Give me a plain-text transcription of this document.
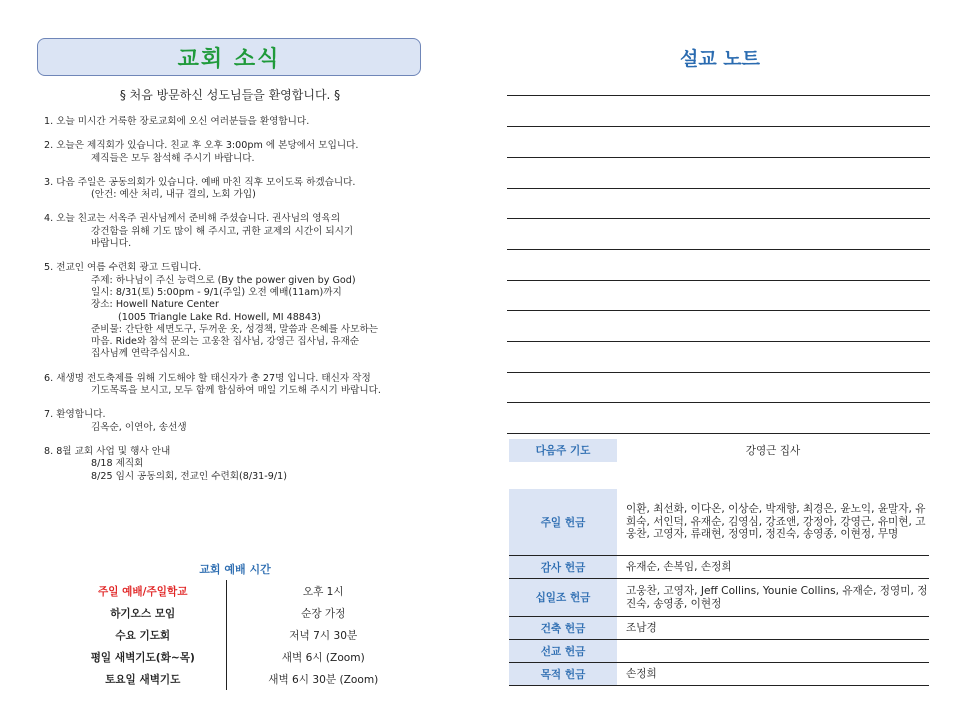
교회 소식
§ 처음 방문하신 성도님들을 환영합니다. §
1. 오늘 미시간 거룩한 장로교회에 오신 여러분들을 환영합니다.
2. 오늘은 제직회가 있습니다. 친교 후 오후 3:00pm 에 본당에서 모입니다.
제직들은 모두 참석해 주시기 바랍니다.
3. 다음 주일은 공동의회가 있습니다. 예배 마친 직후 모이도록 하겠습니다.
(안건: 예산 처리, 내규 결의, 노회 가입)
4. 오늘 친교는 서옥주 권사님께서 준비해 주셨습니다. 권사님의 영육의
강건함을 위해 기도 많이 해 주시고, 귀한 교제의 시간이 되시기
바랍니다.
5. 전교인 여름 수련회 광고 드립니다.
주제: 하나님이 주신 능력으로 (By the power given by God)
일시: 8/31(토) 5:00pm - 9/1(주일) 오전 예배(11am)까지
장소: Howell Nature Center
(1005 Triangle Lake Rd. Howell, MI 48843)
준비물: 간단한 세면도구, 두꺼운 옷, 성경책, 말씀과 은혜를 사모하는
마음. Ride와 참석 문의는 고웅찬 집사님, 강영근 집사님, 유재순
집사님께 연락주십시요.
6. 새생명 전도축제를 위해 기도해야 할 태신자가 총 27명 입니다. 태신자 작정
기도목록을 보시고, 모두 함께 합심하여 매일 기도해 주시기 바랍니다.
7. 환영합니다.
김옥순, 이연아, 송선생
8. 8월 교회 사업 및 행사 안내
8/18 제직회
8/25 임시 공동의회, 전교인 수련회(8/31-9/1)
교회 예배 시간
주일 예배/주일학교	오후 1시
하기오스 모임	순장 가정
수요 기도회	저녁 7시 30분
평일 새벽기도(화~목)	새벽 6시 (Zoom)
토요일 새벽기도	새벽 6시 30분 (Zoom)
설교 노트
다음주 기도	강영근 집사

주일 헌금	이환, 최선화, 이다온, 이상순, 박재향, 최경은, 윤노익, 윤말자, 유희숙, 서인덕, 유재순, 김영심, 강죠앤, 강정아, 강영근, 유미현, 고웅찬, 고영자, 류래현, 정영미, 정진숙, 송영종, 이현정, 무명
감사 헌금	유재순, 손복임, 손정희
십일조 헌금	고웅찬, 고영자, Jeff Collins, Younie Collins, 유재순, 정영미, 정진숙, 송영종, 이현정
건축 헌금	조남경
선교 헌금	
목적 헌금	손정희
